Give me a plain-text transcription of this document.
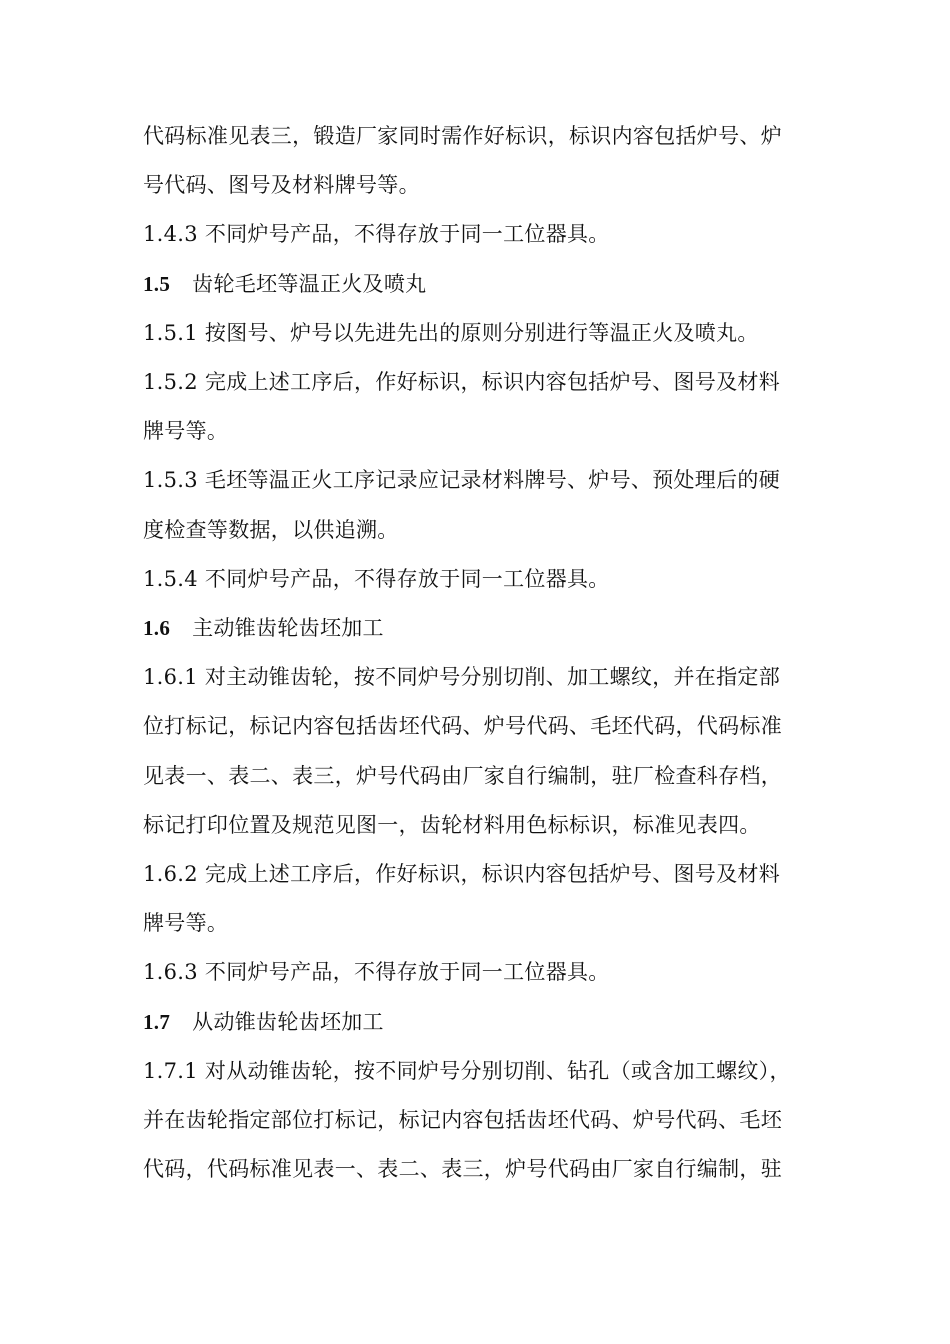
代码标准见表三，锻造厂家同时需作好标识，标识内容包括炉号、炉
号代码、图号及材料牌号等。
1.4.3 不同炉号产品，不得存放于同一工位器具。
1.5 齿轮毛坯等温正火及喷丸
1.5.1 按图号、炉号以先进先出的原则分别进行等温正火及喷丸。
1.5.2 完成上述工序后，作好标识，标识内容包括炉号、图号及材料
牌号等。
1.5.3 毛坯等温正火工序记录应记录材料牌号、炉号、预处理后的硬
度检查等数据，以供追溯。
1.5.4 不同炉号产品，不得存放于同一工位器具。
1.6 主动锥齿轮齿坯加工
1.6.1 对主动锥齿轮，按不同炉号分别切削、加工螺纹，并在指定部
位打标记，标记内容包括齿坯代码、炉号代码、毛坯代码，代码标准
见表一、表二、表三，炉号代码由厂家自行编制，驻厂检查科存档，
标记打印位置及规范见图一，齿轮材料用色标标识，标准见表四。
1.6.2 完成上述工序后，作好标识，标识内容包括炉号、图号及材料
牌号等。
1.6.3 不同炉号产品，不得存放于同一工位器具。
1.7 从动锥齿轮齿坯加工
1.7.1 对从动锥齿轮，按不同炉号分别切削、钻孔（或含加工螺纹），
并在齿轮指定部位打标记，标记内容包括齿坯代码、炉号代码、毛坯
代码，代码标准见表一、表二、表三，炉号代码由厂家自行编制，驻
